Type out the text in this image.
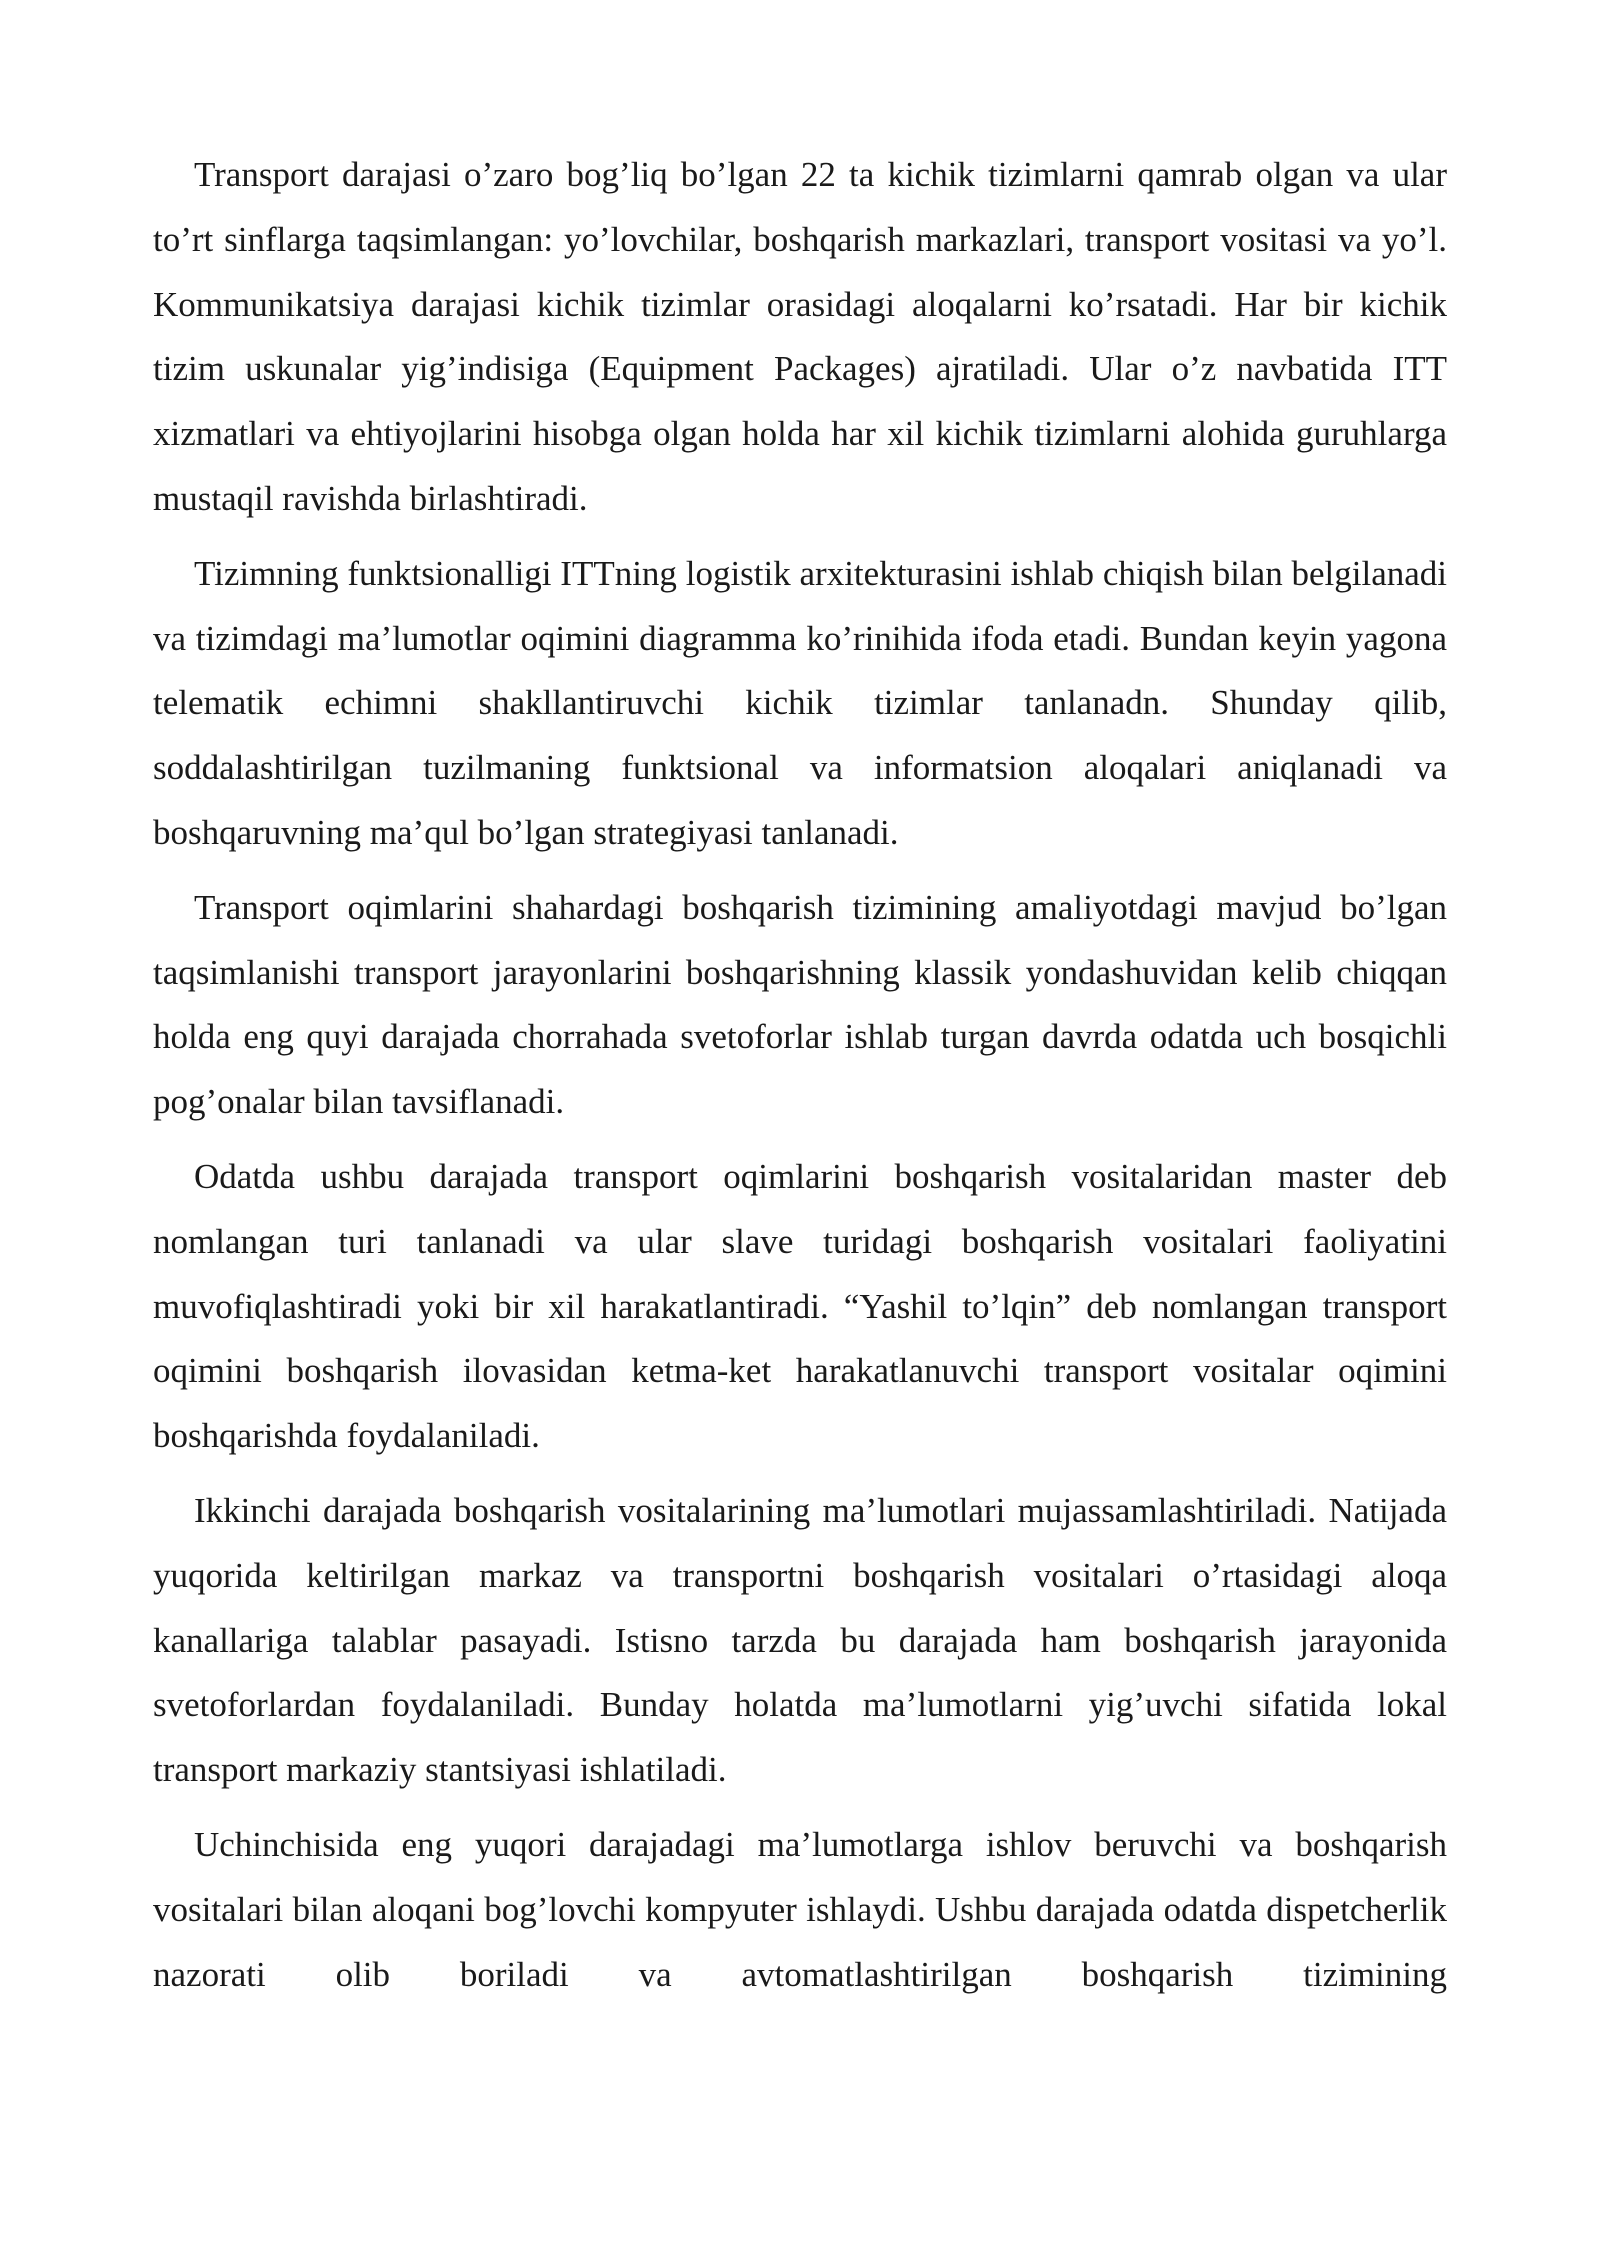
Transport darajasi o’zaro bog’liq bo’lgan 22 ta kichik tizimlarni qamrab olgan va ular to’rt sinflarga taqsimlangan: yo’lovchilar, boshqarish markazlari, transport vositasi va yo’l. Kommunikatsiya darajasi kichik tizimlar orasidagi aloqalarni ko’rsatadi. Har bir kichik tizim uskunalar yig’indisiga (Equipment Packages) ajratiladi. Ular o’z navbatida ITT xizmatlari va ehtiyojlarini hisobga olgan holda har xil kichik tizimlarni alohida guruhlarga mustaqil ravishda birlashtiradi.

Tizimning funktsionalligi ITTning logistik arxitekturasini ishlab chiqish bilan belgilanadi va tizimdagi ma’lumotlar oqimini diagramma ko’rinihida ifoda etadi. Bundan keyin yagona telematik echimni shakllantiruvchi kichik tizimlar tanlanadn. Shunday qilib, soddalashtirilgan tuzilmaning funktsional va informatsion aloqalari aniqlanadi va boshqaruvning ma’qul bo’lgan strategiyasi tanlanadi.

Transport oqimlarini shahardagi boshqarish tizimining amaliyotdagi mavjud bo’lgan taqsimlanishi transport jarayonlarini boshqarishning klassik yondashuvidan kelib chiqqan holda eng quyi darajada chorrahada svetoforlar ishlab turgan davrda odatda uch bosqichli pog’onalar bilan tavsiflanadi.

Odatda ushbu darajada transport oqimlarini boshqarish vositalaridan master deb nomlangan turi tanlanadi va ular slave turidagi boshqarish vositalari faoliyatini muvofiqlashtiradi yoki bir xil harakatlantiradi. “Yashil to’lqin” deb nomlangan transport oqimini boshqarish ilovasidan ketma-ket harakatlanuvchi transport vositalar oqimini boshqarishda foydalaniladi.

Ikkinchi darajada boshqarish vositalarining ma’lumotlari mujassamlashtiriladi. Natijada yuqorida keltirilgan markaz va transportni boshqarish vositalari o’rtasidagi aloqa kanallariga talablar pasayadi. Istisno tarzda bu darajada ham boshqarish jarayonida svetoforlardan foydalaniladi. Bunday holatda ma’lumotlarni yig’uvchi sifatida lokal transport markaziy stantsiyasi ishlatiladi.

Uchinchisida eng yuqori darajadagi ma’lumotlarga ishlov beruvchi va boshqarish vositalari bilan aloqani bog’lovchi kompyuter ishlaydi. Ushbu darajada odatda dispetcherlik nazorati olib boriladi va avtomatlashtirilgan boshqarish tizimining
